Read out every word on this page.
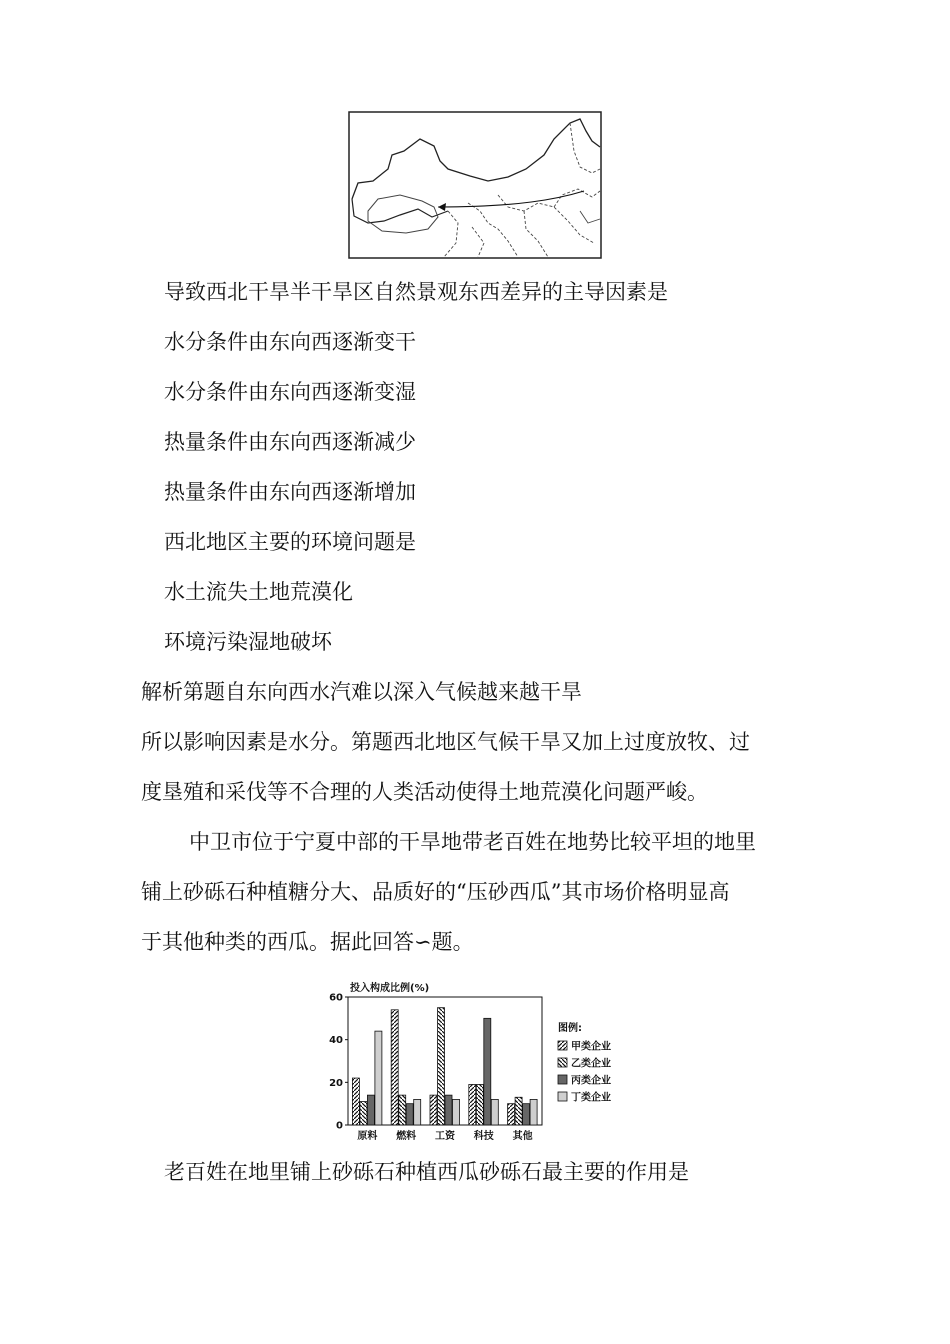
导致西北干旱半干旱区自然景观东西差异的主导因素是
水分条件由东向西逐渐变干
水分条件由东向西逐渐变湿
热量条件由东向西逐渐减少
热量条件由东向西逐渐增加
西北地区主要的环境问题是
水土流失土地荒漠化
环境污染湿地破坏
解析第题自东向西水汽难以深入气候越来越干旱
所以影响因素是水分。第题西北地区气候干旱又加上过度放牧、过
度垦殖和采伐等不合理的人类活动使得土地荒漠化问题严峻。
中卫市位于宁夏中部的干旱地带老百姓在地势比较平坦的地里
铺上砂砾石种植糖分大、品质好的“压砂西瓜”其市场价格明显高
于其他种类的西瓜。据此回答∽题。
投入构成比例(%)
0
20
40
60
原料 燃料 工资 科技 其他
图例:
甲类企业
乙类企业
丙类企业
丁类企业
老百姓在地里铺上砂砾石种植西瓜砂砾石最主要的作用是
